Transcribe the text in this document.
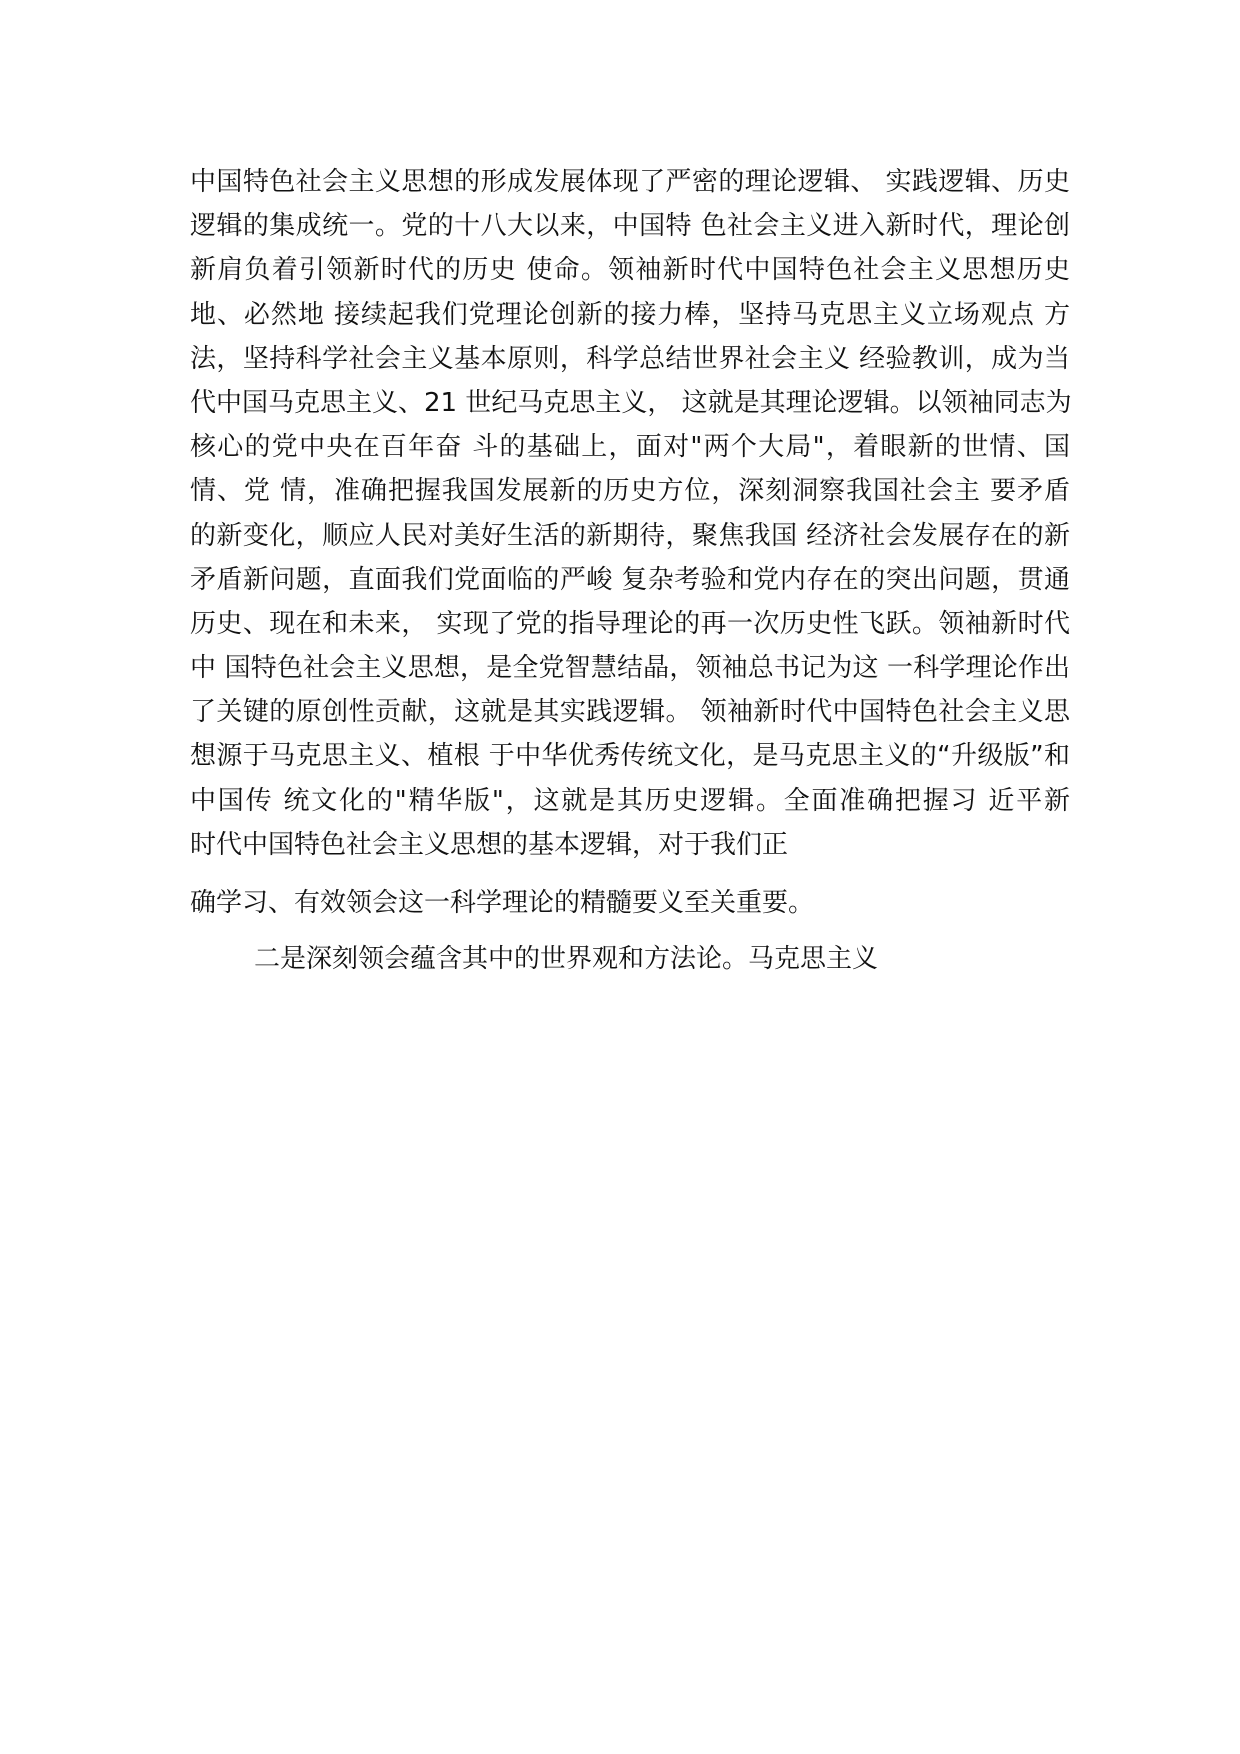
中国特色社会主义思想的形成发展体现了严密的理论逻辑、 实践逻辑、历史
逻辑的集成统一。党的十八大以来，中国特 色社会主义进入新时代，理论创
新肩负着引领新时代的历史 使命。领袖新时代中国特色社会主义思想历史
地、必然地 接续起我们党理论创新的接力棒，坚持马克思主义立场观点 方
法，坚持科学社会主义基本原则，科学总结世界社会主义 经验教训，成为当
代中国马克思主义、21 世纪马克思主义， 这就是其理论逻辑。以领袖同志为
核心的党中央在百年奋 斗的基础上，面对"两个大局"，着眼新的世情、国
情、党 情，准确把握我国发展新的历史方位，深刻洞察我国社会主 要矛盾
的新变化，顺应人民对美好生活的新期待，聚焦我国 经济社会发展存在的新
矛盾新问题，直面我们党面临的严峻 复杂考验和党内存在的突出问题，贯通
历史、现在和未来， 实现了党的指导理论的再一次历史性飞跃。领袖新时代
中 国特色社会主义思想，是全党智慧结晶，领袖总书记为这 一科学理论作出
了关键的原创性贡献，这就是其实践逻辑。 领袖新时代中国特色社会主义思
想源于马克思主义、植根 于中华优秀传统文化，是马克思主义的“升级版”和
中国传 统文化的"精华版"，这就是其历史逻辑。全面准确把握习 近平新
时代中国特色社会主义思想的基本逻辑，对于我们正
确学习、有效领会这一科学理论的精髓要义至关重要。
二是深刻领会蕴含其中的世界观和方法论。马克思主义
